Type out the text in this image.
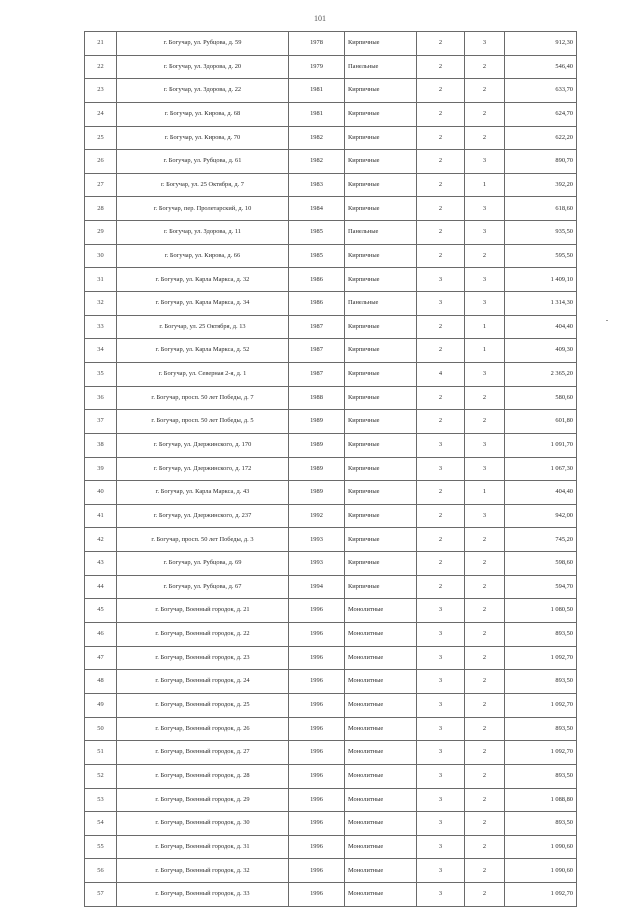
101
21	г. Богучар, ул. Рубцова, д. 59	1978	Кирпичные	2	3	912,30
22	г. Богучар, ул. Здорова, д. 20	1979	Панельные	2	2	546,40
23	г. Богучар, ул. Здорова, д. 22	1981	Кирпичные	2	2	633,70
24	г. Богучар, ул. Кирова, д. 68	1981	Кирпичные	2	2	624,70
25	г. Богучар, ул. Кирова, д. 70	1982	Кирпичные	2	2	622,20
26	г. Богучар, ул. Рубцова, д. 61	1982	Кирпичные	2	3	890,70
27	г. Богучар, ул. 25 Октября, д. 7	1983	Кирпичные	2	1	392,20
28	г. Богучар, пер. Пролетарский, д. 10	1984	Кирпичные	2	3	618,60
29	г. Богучар, ул. Здорова, д. 11	1985	Панельные	2	3	935,50
30	г. Богучар, ул. Кирова, д. 66	1985	Кирпичные	2	2	595,50
31	г. Богучар, ул. Карла Маркса, д. 32	1986	Кирпичные	3	3	1 409,10
32	г. Богучар, ул. Карла Маркса, д. 34	1986	Панельные	3	3	1 314,30
33	г. Богучар, ул. 25 Октября, д. 13	1987	Кирпичные	2	1	404,40
34	г. Богучар, ул. Карла Маркса, д. 52	1987	Кирпичные	2	1	409,30
35	г. Богучар, ул. Северная 2-я, д. 1	1987	Кирпичные	4	3	2 365,20
36	г. Богучар, просп. 50 лет Победы, д. 7	1988	Кирпичные	2	2	580,60
37	г. Богучар, просп. 50 лет Победы, д. 5	1989	Кирпичные	2	2	601,80
38	г. Богучар, ул. Дзержинского, д. 170	1989	Кирпичные	3	3	1 091,70
39	г. Богучар, ул. Дзержинского, д. 172	1989	Кирпичные	3	3	1 067,30
40	г. Богучар, ул. Карла Маркса, д. 43	1989	Кирпичные	2	1	404,40
41	г. Богучар, ул. Дзержинского, д. 237	1992	Кирпичные	2	3	942,00
42	г. Богучар, просп. 50 лет Победы, д. 3	1993	Кирпичные	2	2	745,20
43	г. Богучар, ул. Рубцова, д. 69	1993	Кирпичные	2	2	598,60
44	г. Богучар, ул. Рубцова, д. 67	1994	Кирпичные	2	2	594,70
45	г. Богучар, Военный городок, д. 21	1996	Монолитные	3	2	1 080,50
46	г. Богучар, Военный городок, д. 22	1996	Монолитные	3	2	893,50
47	г. Богучар, Военный городок, д. 23	1996	Монолитные	3	2	1 092,70
48	г. Богучар, Военный городок, д. 24	1996	Монолитные	3	2	893,50
49	г. Богучар, Военный городок, д. 25	1996	Монолитные	3	2	1 092,70
50	г. Богучар, Военный городок, д. 26	1996	Монолитные	3	2	893,50
51	г. Богучар, Военный городок, д. 27	1996	Монолитные	3	2	1 092,70
52	г. Богучар, Военный городок, д. 28	1996	Монолитные	3	2	893,50
53	г. Богучар, Военный городок, д. 29	1996	Монолитные	3	2	1 088,80
54	г. Богучар, Военный городок, д. 30	1996	Монолитные	3	2	893,50
55	г. Богучар, Военный городок, д. 31	1996	Монолитные	3	2	1 090,60
56	г. Богучар, Военный городок, д. 32	1996	Монолитные	3	2	1 090,60
57	г. Богучар, Военный городок, д. 33	1996	Монолитные	3	2	1 092,70
